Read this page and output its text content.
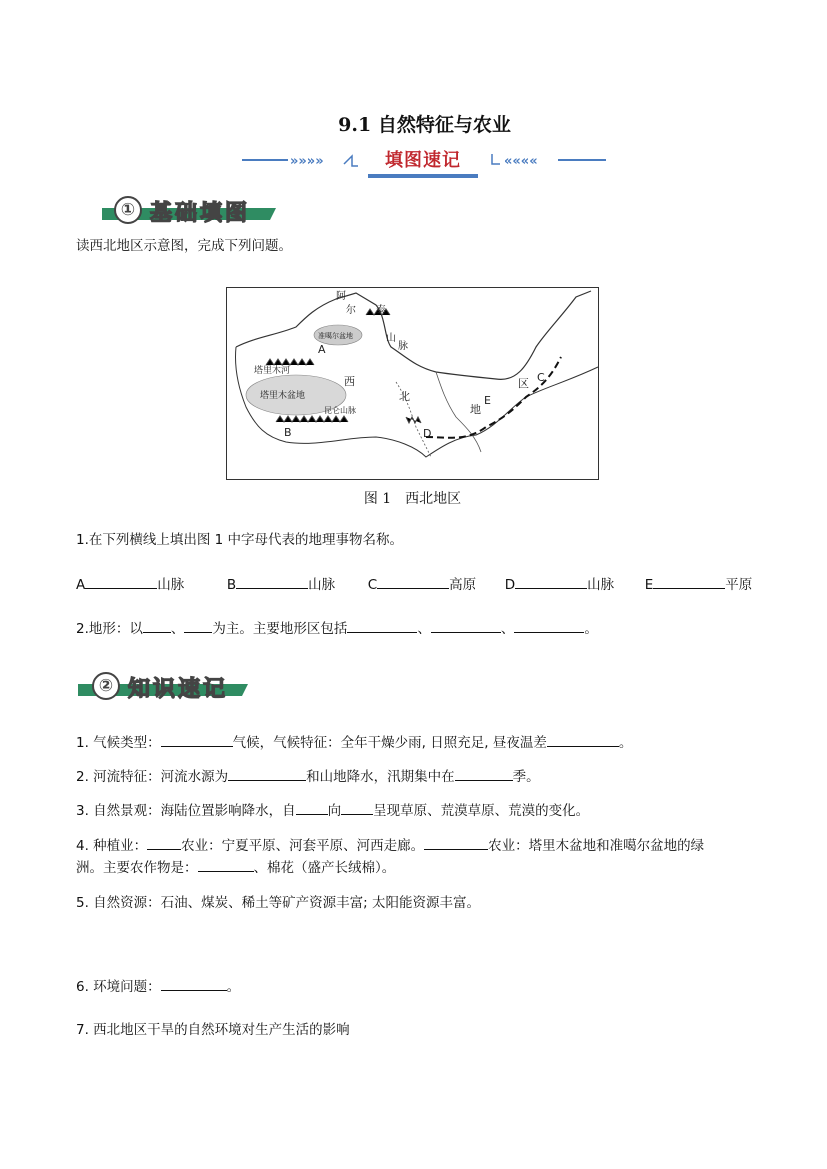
9.1 自然特征与农业
»»»»	««««
填图速记
① 基础填图
读西北地区示意图，完成下列问题。
阿
尔 泰
山
脉
准噶尔盆地
塔里木河
塔里木盆地
昆仑山脉
西
北
地
区
A
B
C
D
E
图 1　西北地区
1.在下列横线上填出图 1 中字母代表的地理事物名称。
A	山脉	B	山脉 C	高原 D	山脉 E	平原
2.地形：以 、 为主。主要地形区包括	、	、	。
② 知识速记
1. 气候类型：	气候，气候特征：全年干燥少雨, 日照充足, 昼夜温差	。
2. 河流特征：河流水源为	和山地降水，汛期集中在	季。
3. 自然景观：海陆位置影响降水，自 向 呈现草原、荒漠草原、荒漠的变化。
4. 种植业：	农业：宁夏平原、河套平原、河西走廊。	农业：塔里木盆地和准噶尔盆地的绿
洲。主要农作物是：	、棉花（盛产长绒棉）。
5. 自然资源：石油、煤炭、稀土等矿产资源丰富; 太阳能资源丰富。
6. 环境问题：	。
7. 西北地区干旱的自然环境对生产生活的影响
